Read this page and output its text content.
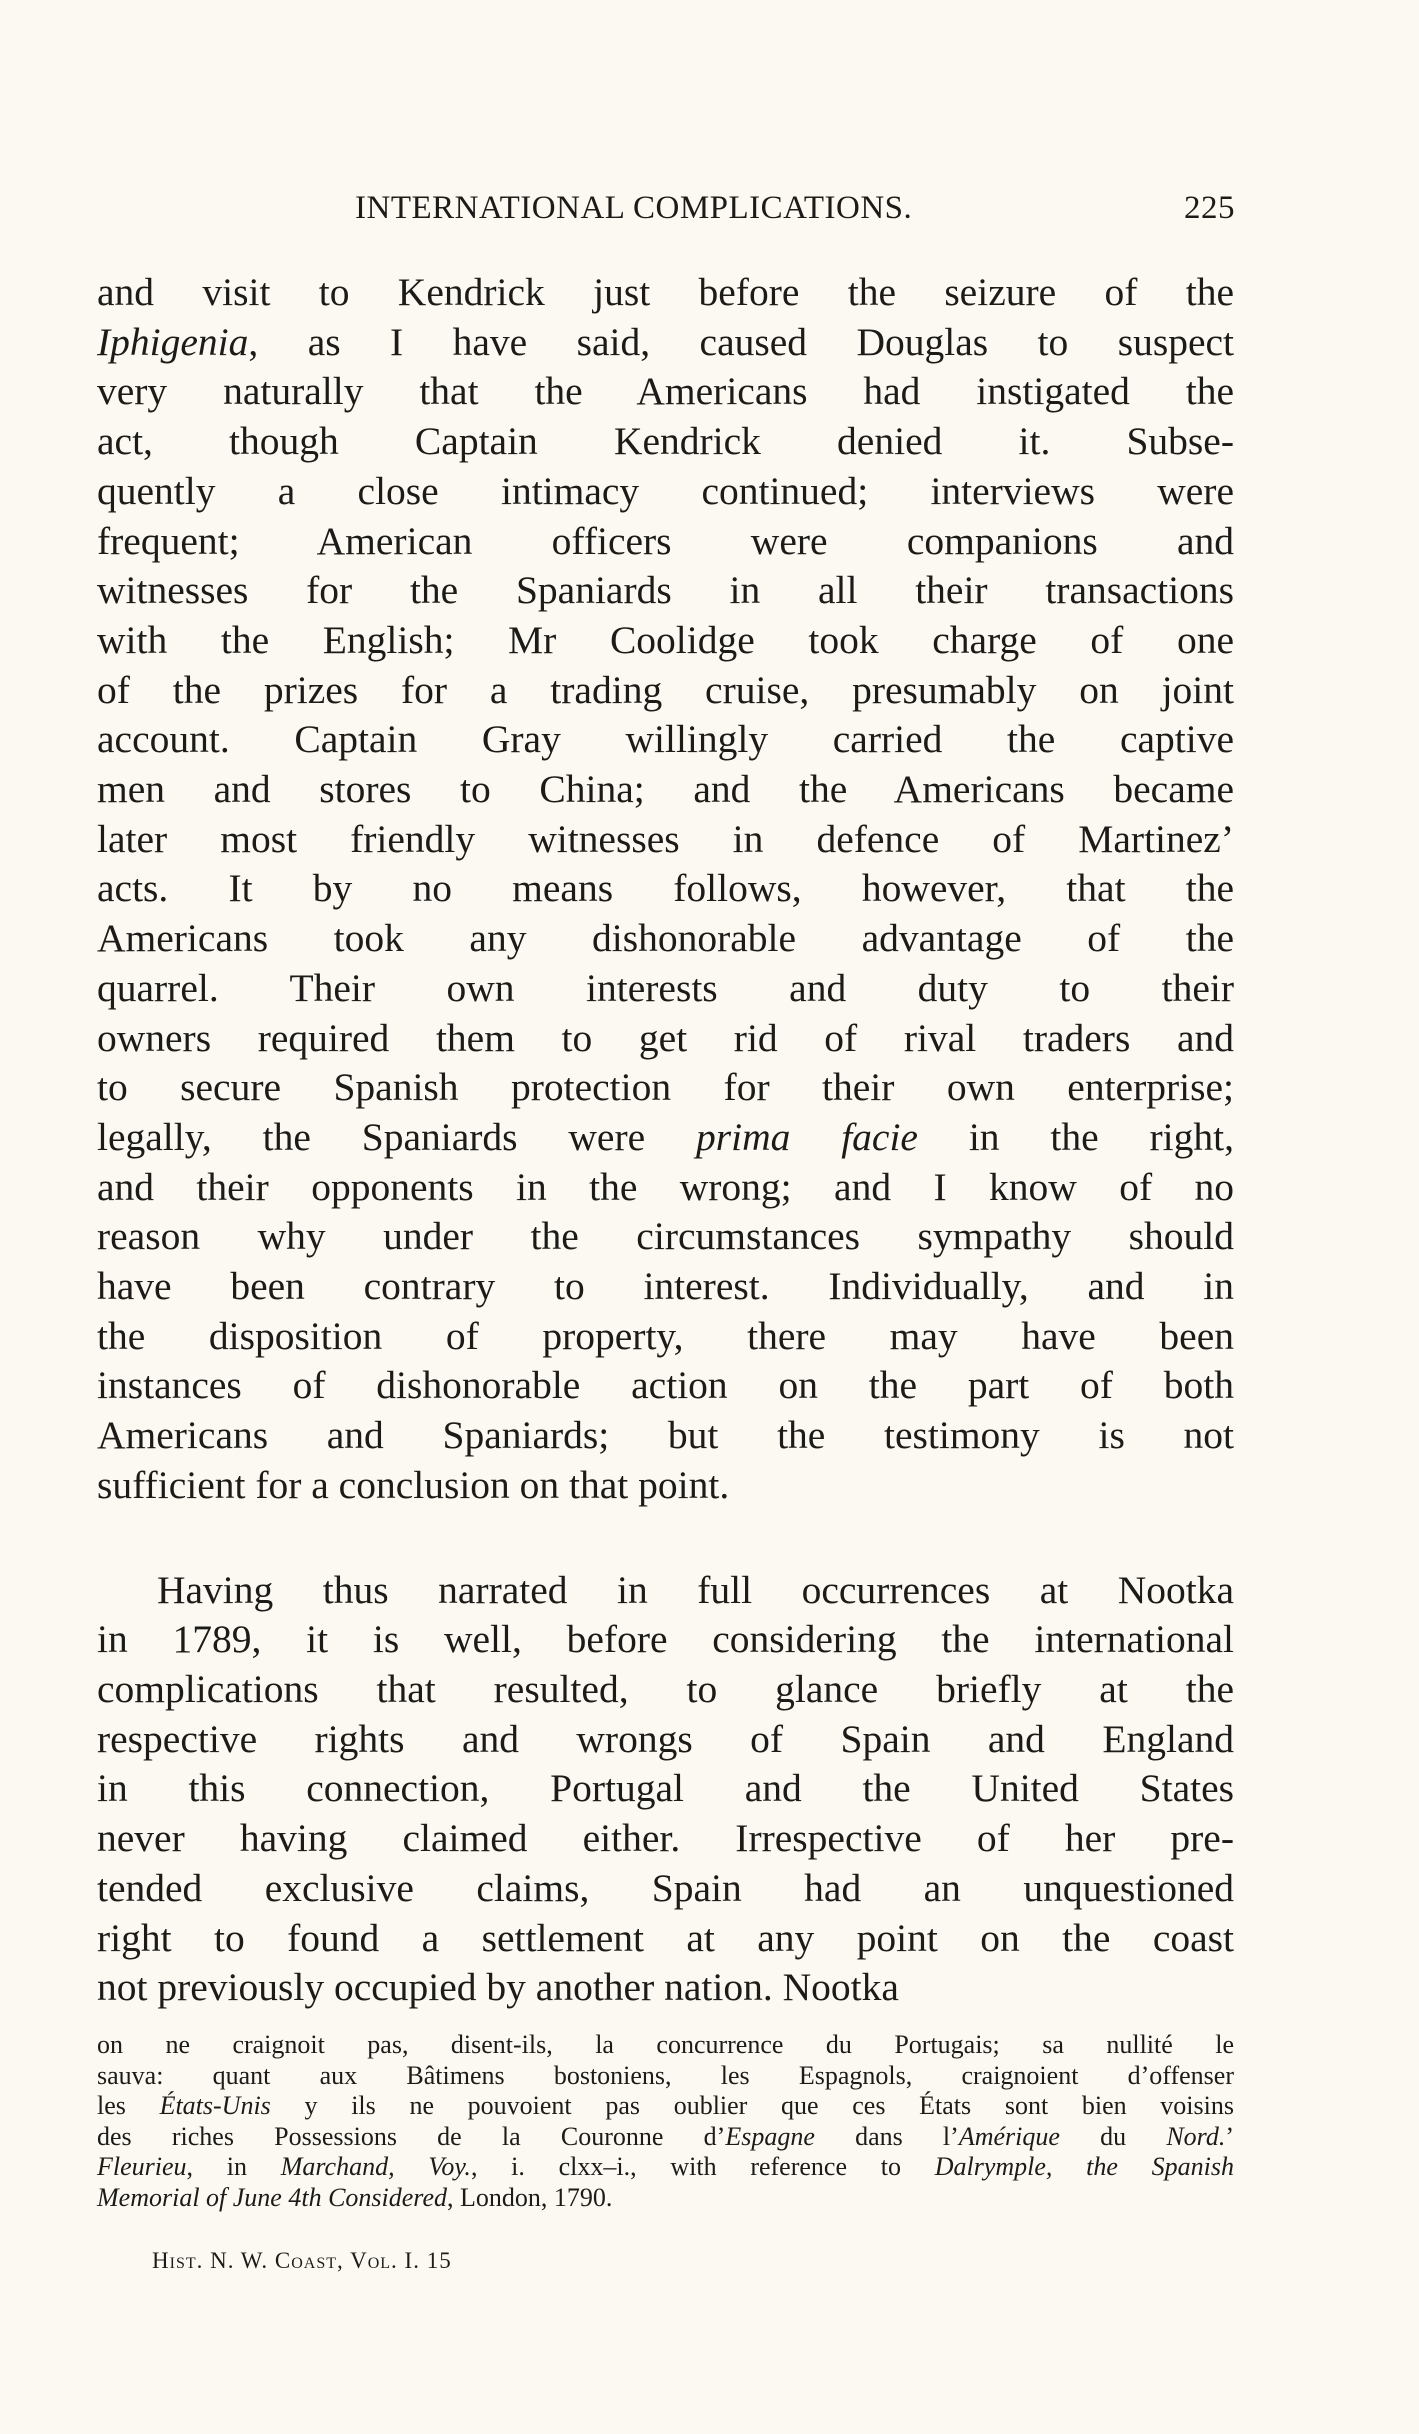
INTERNATIONAL COMPLICATIONS.	225

and visit to Kendrick just before the seizure of the
Iphigenia, as I have said, caused Douglas to suspect
very naturally that the Americans had instigated the
act, though Captain Kendrick denied it. Subse-
quently a close intimacy continued; interviews were
frequent; American officers were companions and
witnesses for the Spaniards in all their transactions
with the English; Mr Coolidge took charge of one
of the prizes for a trading cruise, presumably on joint
account. Captain Gray willingly carried the captive
men and stores to China; and the Americans became
later most friendly witnesses in defence of Martinez’
acts. It by no means follows, however, that the
Americans took any dishonorable advantage of the
quarrel. Their own interests and duty to their
owners required them to get rid of rival traders and
to secure Spanish protection for their own enterprise;
legally, the Spaniards were prima facie in the right,
and their opponents in the wrong; and I know of no
reason why under the circumstances sympathy should
have been contrary to interest. Individually, and in
the disposition of property, there may have been
instances of dishonorable action on the part of both
Americans and Spaniards; but the testimony is not
sufficient for a conclusion on that point.

Having thus narrated in full occurrences at Nootka
in 1789, it is well, before considering the international
complications that resulted, to glance briefly at the
respective rights and wrongs of Spain and England
in this connection, Portugal and the United States
never having claimed either. Irrespective of her pre-
tended exclusive claims, Spain had an unquestioned
right to found a settlement at any point on the coast
not previously occupied by another nation. Nootka

on ne craignoit pas, disent-ils, la concurrence du Portugais; sa nullité le
sauva: quant aux Bâtimens bostoniens, les Espagnols, craignoient d’offenser
les États-Unis y ils ne pouvoient pas oublier que ces États sont bien voisins
des riches Possessions de la Couronne d’Espagne dans l’Amérique du Nord.’
Fleurieu, in Marchand, Voy., i. clxx–i., with reference to Dalrymple, the Spanish
Memorial of June 4th Considered, London, 1790.
Hist. N. W. Coast, Vol. I. 15
